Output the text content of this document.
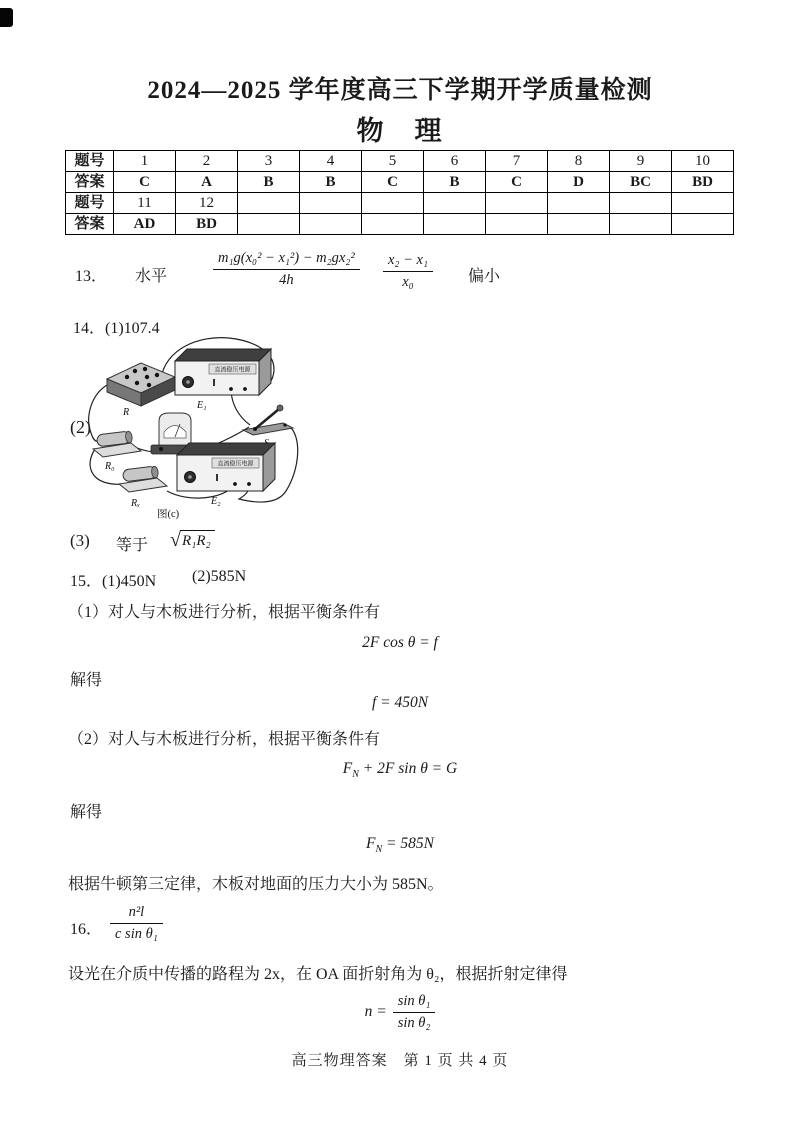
2024—2025 学年度高三下学期开学质量检测
物　理
题号	1	2	3	4	5	6	7	8	9	10
答案	C	A	B	B	C	B	C	D	BC	BD
题号	11	12								
答案	AD	BD								
13． 水平	$\frac{\text{m₁g(x₀² − x₁²) − m₂gx₂²}}{4h} \frac{\text{x₂ − x₁}}{\text{x₀}}$ 偏小
14．(1)107.4
(2)
R
直流稳压电源
E₁
R₀
Rₓ
直流稳压电源
E₂
图(c)
(3) 等于 √ R₁R₂
15．(1)450N (2)585N
（1）对人与木板进行分析，根据平衡条件有
2F cos θ = f
解得
f = 450N
（2）对人与木板进行分析，根据平衡条件有
$F_N + 2F$ sin θ = G
解得
$F_N = 585N$
根据牛顿第三定律，木板对地面的压力大小为 585N。
16． $\frac{\text{n²l}}{\text{c sin θ₁}}$
设光在介质中传播的路程为 2x，在 OA 面折射角为 θ₂，根据折射定律得
$n = \frac{\text{sin θ₁}}{\text{sin θ₂}}$
高三物理答案　第 1 页 共 4 页
